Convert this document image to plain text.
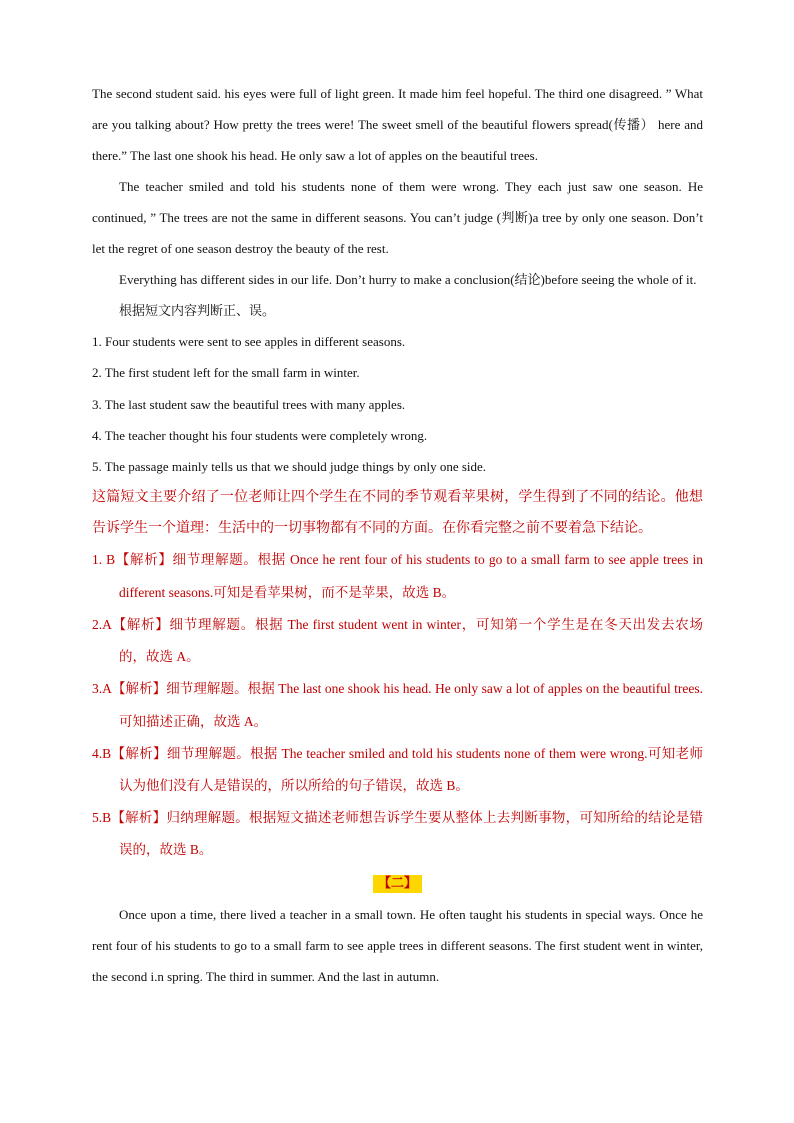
The second student said. his eyes were full of light green. It made him feel hopeful. The third one disagreed. ” What are you talking about? How pretty the trees were! The sweet smell of the beautiful flowers spread(传播） here and there.” The last one shook his head. He only saw a lot of apples on the beautiful trees.

The teacher smiled and told his students none of them were wrong. They each just saw one season. He continued, ” The trees are not the same in different seasons. You can’t judge (判断)a tree by only one season. Don’t let the regret of one season destroy the beauty of the rest.

Everything has different sides in our life. Don’t hurry to make a conclusion(结论)before seeing the whole of it.

根据短文内容判断正、误。

1. Four students were sent to see apples in different seasons.

2. The first student left for the small farm in winter.

3. The last student saw the beautiful trees with many apples.

4. The teacher thought his four students were completely wrong.

5. The passage mainly tells us that we should judge things by only one side.

这篇短文主要介绍了一位老师让四个学生在不同的季节观看苹果树，学生得到了不同的结论。他想告诉学生一个道理：生活中的一切事物都有不同的方面。在你看完整之前不要着急下结论。

1. B【解析】细节理解题。根据 Once he rent four of his students to go to a small farm to see apple trees in different seasons.可知是看苹果树，而不是苹果，故选 B。

2.A【解析】细节理解题。根据 The first student went in winter，可知第一个学生是在冬天出发去农场的，故选 A。

3.A【解析】细节理解题。根据 The last one shook his head. He only saw a lot of apples on the beautiful trees.可知描述正确，故选 A。

4.B【解析】细节理解题。根据 The teacher smiled and told his students none of them were wrong.可知老师认为他们没有人是错误的，所以所给的句子错误，故选 B。

5.B【解析】归纳理解题。根据短文描述老师想告诉学生要从整体上去判断事物，可知所给的结论是错误的，故选 B。

【二】

Once upon a time, there lived a teacher in a small town. He often taught his students in special ways. Once he rent four of his students to go to a small farm to see apple trees in different seasons. The first student went in winter, the second i.n spring. The third in summer. And the last in autumn.
